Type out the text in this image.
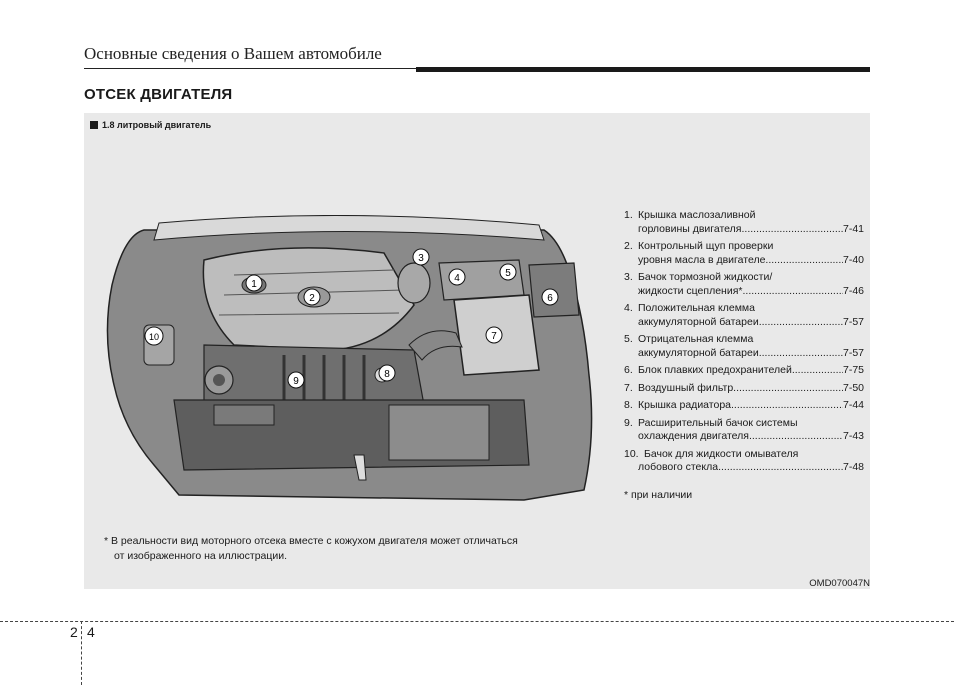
Основные сведения о Вашем автомобиле
ОТСЕК ДВИГАТЕЛЯ
1.8 литровый двигатель
1
2
3
4	5
6
7
8
9
10
1. Крышка маслозаливной
горловины двигателя .....	7-41
2. Контрольный щуп проверки
уровня масла в двигателе .....	7-40
3. Бачок тормозной жидкости/
жидкости сцепления* .....	7-46
4. Положительная клемма
аккумуляторной батареи .....	7-57
5. Отрицательная клемма
аккумуляторной батареи .....	7-57
6. Блок плавких предохранителей .....	7-75
7. Воздушный фильтр .....	7-50
8. Крышка радиатора .....	7-44
9. Расширительный бачок системы
охлаждения двигателя .....	7-43
10. Бачок для жидкости омывателя
лобового стекла .....	7-48
* при наличии
* В реальности вид моторного отсека вместе с кожухом двигателя может отличаться
от изображенного на иллюстрации.
OMD070047N
2 4
